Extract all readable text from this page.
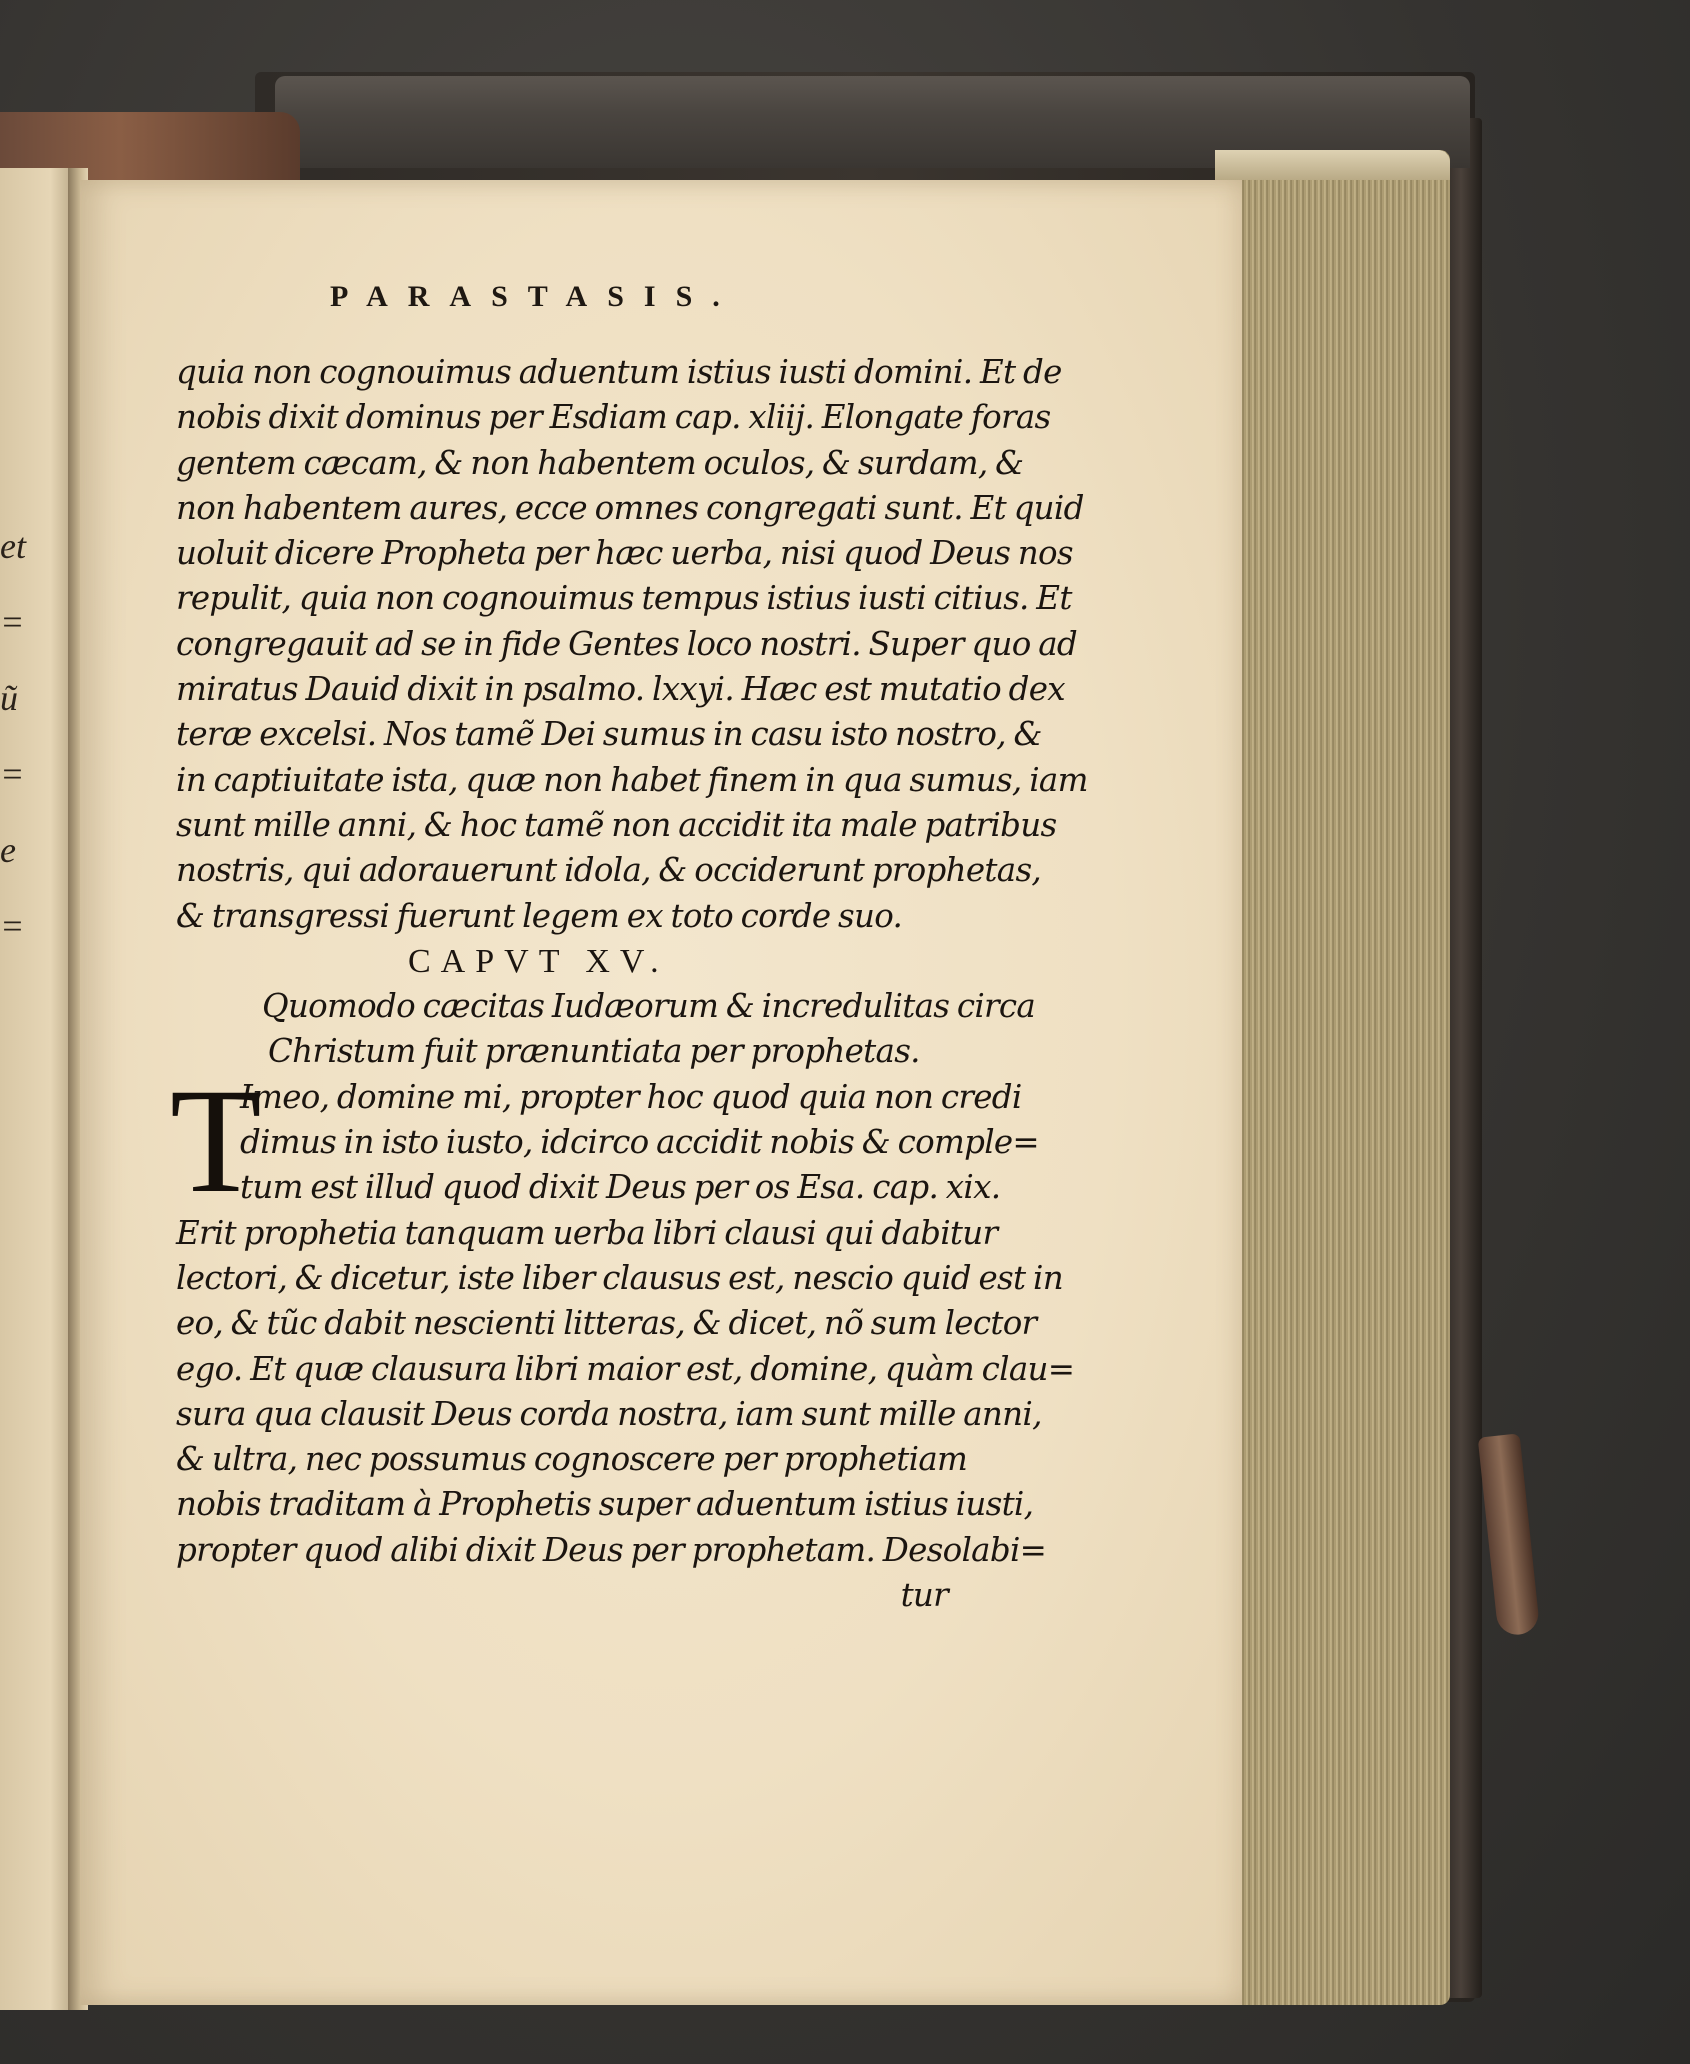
et
=
ũ
=
e
=
PARASTASIS.
quia non cognouimus aduentum istius iusti domini. Et de
nobis dixit dominus per Esdiam cap. xliij. Elongate foras
gentem cæcam, & non habentem oculos, & surdam, &
non habentem aures, ecce omnes congregati sunt. Et quid
uoluit dicere Propheta per hæc uerba, nisi quod Deus nos
repulit, quia non cognouimus tempus istius iusti citius. Et
congregauit ad se in fide Gentes loco nostri. Super quo ad
miratus Dauid dixit in psalmo. lxxyi. Hæc est mutatio dex
teræ excelsi. Nos tamẽ Dei sumus in casu isto nostro, &
in captiuitate ista, quæ non habet finem in qua sumus, iam
sunt mille anni, & hoc tamẽ non accidit ita male patribus
nostris, qui adorauerunt idola, & occiderunt prophetas,
& transgressi fuerunt legem ex toto corde suo.
CAPVT XV.
Quomodo cæcitas Iudæorum & incredulitas circa
Christum fuit prænuntiata per prophetas.
T
Imeo, domine mi, propter hoc quod quia non credi
dimus in isto iusto, idcirco accidit nobis & comple=
tum est illud quod dixit Deus per os Esa. cap. xix.
Erit prophetia tanquam uerba libri clausi qui dabitur
lectori, & dicetur, iste liber clausus est, nescio quid est in
eo, & tũc dabit nescienti litteras, & dicet, nõ sum lector
ego. Et quæ clausura libri maior est, domine, quàm clau=
sura qua clausit Deus corda nostra, iam sunt mille anni,
& ultra, nec possumus cognoscere per prophetiam
nobis traditam à Prophetis super aduentum istius iusti,
propter quod alibi dixit Deus per prophetam. Desolabi=
tur
